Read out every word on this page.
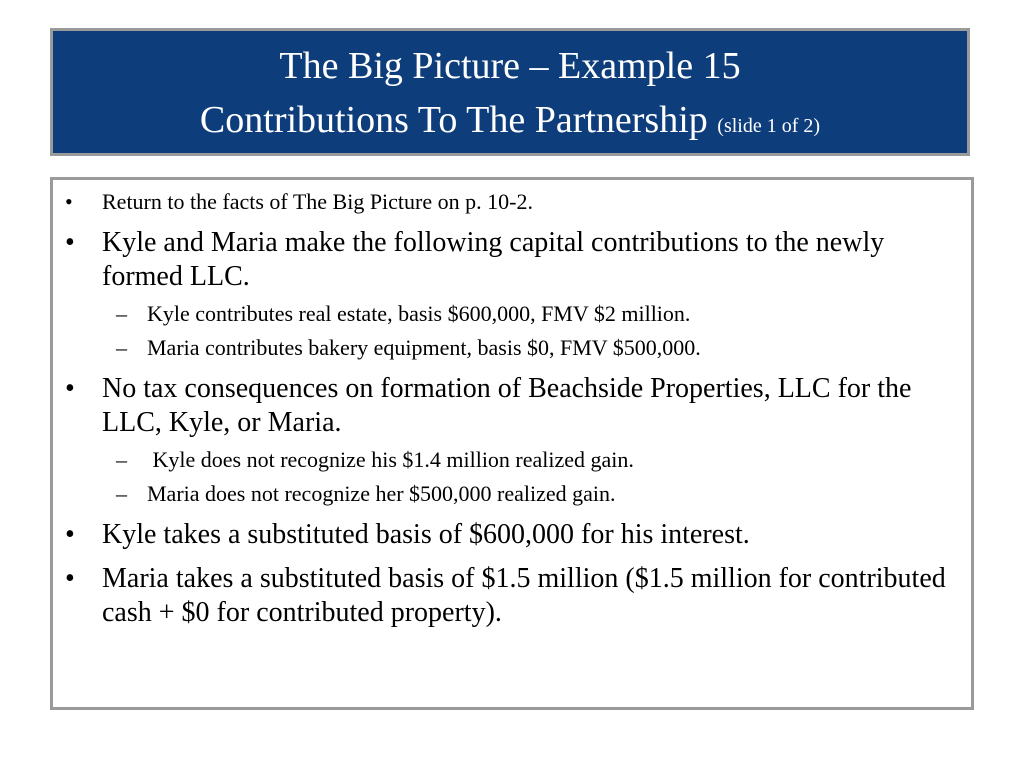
The Big Picture – Example 15
Contributions To The Partnership (slide 1 of 2)
• Return to the facts of The Big Picture on p. 10-2.
• Kyle and Maria make the following capital contributions to the newly formed LLC.
– Kyle contributes real estate, basis $600,000, FMV $2 million.
– Maria contributes bakery equipment, basis $0, FMV $500,000.
• No tax consequences on formation of Beachside Properties, LLC for the LLC, Kyle, or Maria.
– Kyle does not recognize his $1.4 million realized gain.
– Maria does not recognize her $500,000 realized gain.
• Kyle takes a substituted basis of $600,000 for his interest.
• Maria takes a substituted basis of $1.5 million ($1.5 million for contributed cash + $0 for contributed property).
